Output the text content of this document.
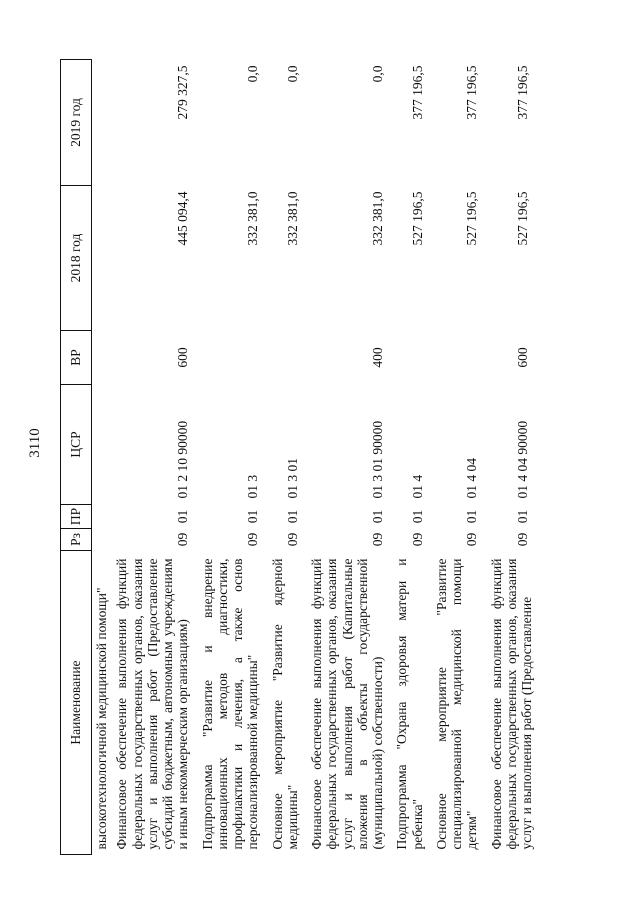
3110
Наименование	Рз	ПР	ЦСР	ВР	2018 год	2019 год
высокотехнологичной медицинской помощи"						
Финансовое обеспечение выполнения функций федеральных государственных органов, оказания услуг и выполнения работ (Предоставление субсидий бюджетным, автономным учреждениям и иным некоммерческим организациям)	09	01	01 2 10 90000	600	445 094,4	279 327,5
Подпрограмма "Развитие и внедрение инновационных методов диагностики, профилактики и лечения, а также основ персонализированной медицины"	09	01	01 3		332 381,0	0,0
Основное мероприятие "Развитие ядерной медицины"	09	01	01 3 01		332 381,0	0,0
Финансовое обеспечение выполнения функций федеральных государственных органов, оказания услуг и выполнения работ (Капитальные вложения в объекты государственной (муниципальной) собственности)	09	01	01 3 01 90000	400	332 381,0	0,0
Подпрограмма "Охрана здоровья матери и ребенка"	09	01	01 4		527 196,5	377 196,5
Основное мероприятие "Развитие специализированной медицинской помощи детям"	09	01	01 4 04		527 196,5	377 196,5
Финансовое обеспечение выполнения функций федеральных государственных органов, оказания услуг и выполнения работ (Предоставление	09	01	01 4 04 90000	600	527 196,5	377 196,5
